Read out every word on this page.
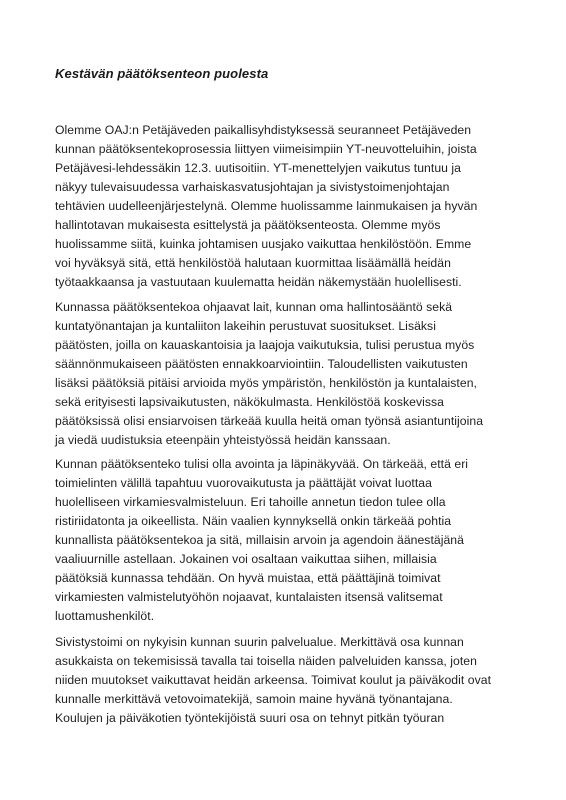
Kestävän päätöksenteon puolesta
Olemme OAJ:n Petäjäveden paikallisyhdistyksessä seuranneet Petäjäveden
kunnan päätöksentekoprosessia liittyen viimeisimpiin YT-neuvotteluihin, joista
Petäjävesi-lehdessäkin 12.3. uutisoitiin. YT-menettelyjen vaikutus tuntuu ja
näkyy tulevaisuudessa varhaiskasvatusjohtajan ja sivistystoimenjohtajan
tehtävien uudelleenjärjestelynä. Olemme huolissamme lainmukaisen ja hyvän
hallintotavan mukaisesta esittelystä ja päätöksenteosta. Olemme myös
huolissamme siitä, kuinka johtamisen uusjako vaikuttaa henkilöstöön. Emme
voi hyväksyä sitä, että henkilöstöä halutaan kuormittaa lisäämällä heidän
työtaakkaansa ja vastuutaan kuulematta heidän näkemystään huolellisesti.
Kunnassa päätöksentekoa ohjaavat lait, kunnan oma hallintosääntö sekä
kuntatyönantajan ja kuntaliiton lakeihin perustuvat suositukset. Lisäksi
päätösten, joilla on kauaskantoisia ja laajoja vaikutuksia, tulisi perustua myös
säännönmukaiseen päätösten ennakkoarviointiin. Taloudellisten vaikutusten
lisäksi päätöksiä pitäisi arvioida myös ympäristön, henkilöstön ja kuntalaisten,
sekä erityisesti lapsivaikutusten, näkökulmasta. Henkilöstöä koskevissa
päätöksissä olisi ensiarvoisen tärkeää kuulla heitä oman työnsä asiantuntijoina
ja viedä uudistuksia eteenpäin yhteistyössä heidän kanssaan.
Kunnan päätöksenteko tulisi olla avointa ja läpinäkyvää. On tärkeää, että eri
toimielinten välillä tapahtuu vuorovaikutusta ja päättäjät voivat luottaa
huolelliseen virkamiesvalmisteluun. Eri tahoille annetun tiedon tulee olla
ristiriidatonta ja oikeellista. Näin vaalien kynnyksellä onkin tärkeää pohtia
kunnallista päätöksentekoa ja sitä, millaisin arvoin ja agendoin äänestäjänä
vaaliuurnille astellaan. Jokainen voi osaltaan vaikuttaa siihen, millaisia
päätöksiä kunnassa tehdään. On hyvä muistaa, että päättäjinä toimivat
virkamiesten valmistelutyöhön nojaavat, kuntalaisten itsensä valitsemat
luottamushenkilöt.
Sivistystoimi on nykyisin kunnan suurin palvelualue. Merkittävä osa kunnan
asukkaista on tekemisissä tavalla tai toisella näiden palveluiden kanssa, joten
niiden muutokset vaikuttavat heidän arkeensa. Toimivat koulut ja päiväkodit ovat
kunnalle merkittävä vetovoimatekijä, samoin maine hyvänä työnantajana.
Koulujen ja päiväkotien työntekijöistä suuri osa on tehnyt pitkän työuran
